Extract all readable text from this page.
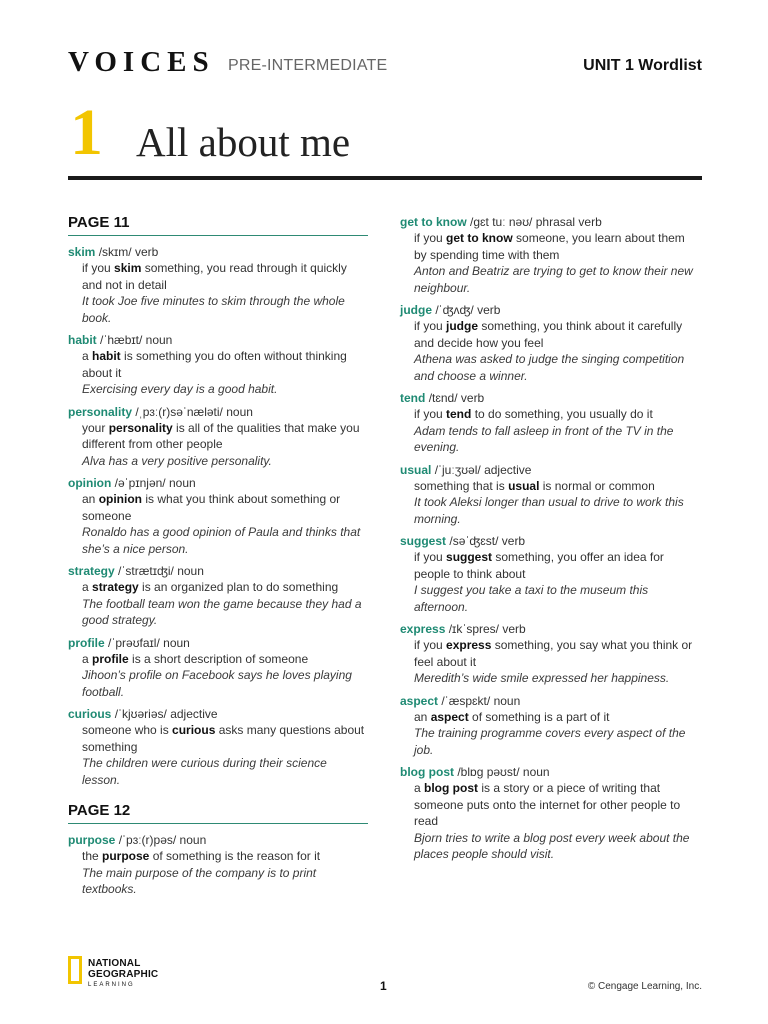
VOICES PRE-INTERMEDIATE	UNIT 1 Wordlist
1 All about me
PAGE 11
skim /skɪm/ verb
if you skim something, you read through it quickly and not in detail
It took Joe five minutes to skim through the whole book.
habit /ˈhæbɪt/ noun
a habit is something you do often without thinking about it
Exercising every day is a good habit.
personality /ˌpɜː(r)səˈnæləti/ noun
your personality is all of the qualities that make you different from other people
Alva has a very positive personality.
opinion /əˈpɪnjən/ noun
an opinion is what you think about something or someone
Ronaldo has a good opinion of Paula and thinks that she’s a nice person.
strategy /ˈstrætɪʤi/ noun
a strategy is an organized plan to do something
The football team won the game because they had a good strategy.
profile /ˈprəʊfaɪl/ noun
a profile is a short description of someone
Jihoon’s profile on Facebook says he loves playing football.
curious /ˈkjʊəriəs/ adjective
someone who is curious asks many questions about something
The children were curious during their science lesson.
PAGE 12
purpose /ˈpɜː(r)pəs/ noun
the purpose of something is the reason for it
The main purpose of the company is to print textbooks.
get to know /gɛt tuː nəʊ/ phrasal verb
if you get to know someone, you learn about them by spending time with them
Anton and Beatriz are trying to get to know their new neighbour.
judge /ˈʤʌʤ/ verb
if you judge something, you think about it carefully and decide how you feel
Athena was asked to judge the singing competition and choose a winner.
tend /tɛnd/ verb
if you tend to do something, you usually do it
Adam tends to fall asleep in front of the TV in the evening.
usual /ˈjuːʒʊəl/ adjective
something that is usual is normal or common
It took Aleksi longer than usual to drive to work this morning.
suggest /səˈʤɛst/ verb
if you suggest something, you offer an idea for people to think about
I suggest you take a taxi to the museum this afternoon.
express /ɪkˈspres/ verb
if you express something, you say what you think or feel about it
Meredith’s wide smile expressed her happiness.
aspect /ˈæspɛkt/ noun
an aspect of something is a part of it
The training programme covers every aspect of the job.
blog post /blɒg pəʊst/ noun
a blog post is a story or a piece of writing that someone puts onto the internet for other people to read
Bjorn tries to write a blog post every week about the places people should visit.
NATIONAL
GEOGRAPHIC
LEARNING	1	© Cengage Learning, Inc.
